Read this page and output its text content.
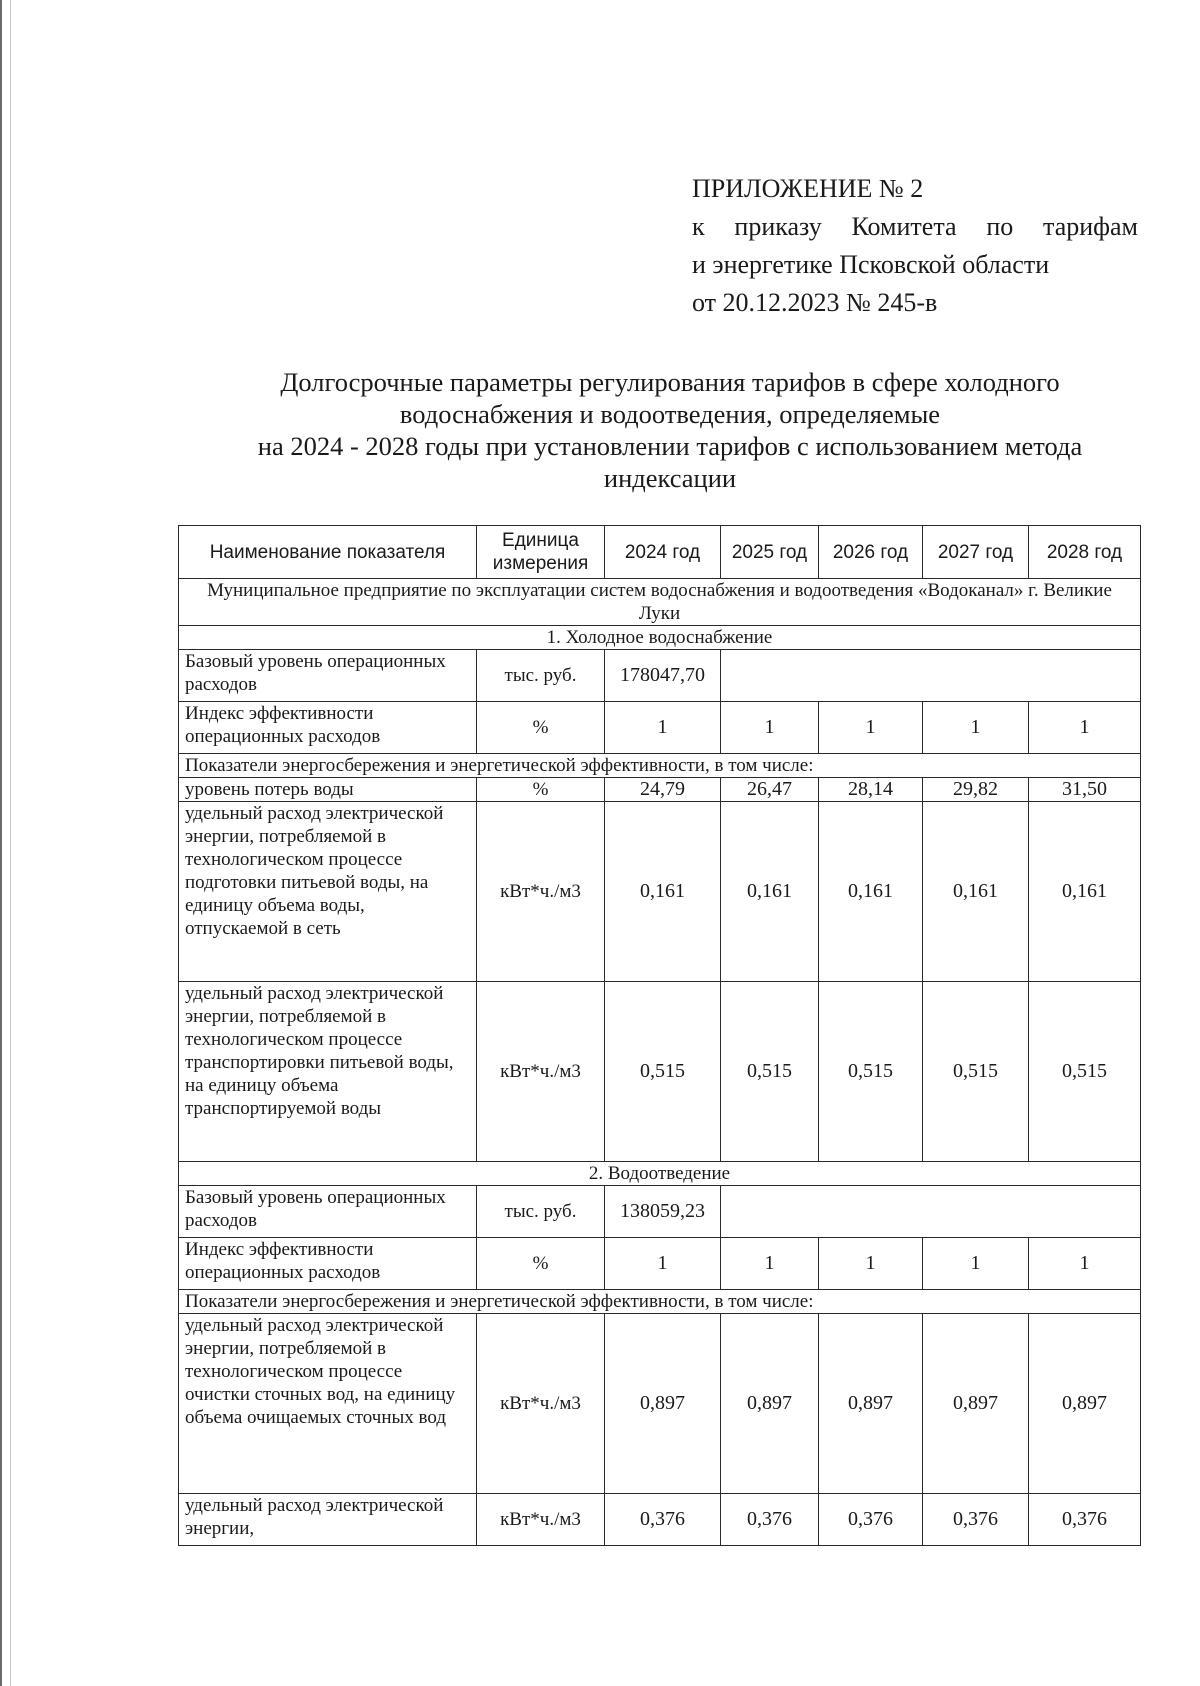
ПРИЛОЖЕНИЕ № 2
к приказу Комитета по тарифам
и энергетике Псковской области
от 20.12.2023 № 245-в
Долгосрочные параметры регулирования тарифов в сфере холодного
водоснабжения и водоотведения, определяемые
на 2024 - 2028 годы при установлении тарифов с использованием метода
индексации
Наименование показателя	Единица измерения	2024 год	2025 год	2026 год	2027 год	2028 год
Муниципальное предприятие по эксплуатации систем водоснабжения и водоотведения «Водоканал» г. Великие Луки						
1. Холодное водоснабжение						
Базовый уровень операционных расходов	тыс. руб.	178047,70				
Индекс эффективности операционных расходов	%	1	1	1	1	1
Показатели энергосбережения и энергетической эффективности, в том числе:						
уровень потерь воды	%	24,79	26,47	28,14	29,82	31,50
удельный расход электрической энергии, потребляемой в технологическом процессе подготовки питьевой воды, на единицу объема воды, отпускаемой в сеть	кВт*ч./м3	0,161	0,161	0,161	0,161	0,161
удельный расход электрической энергии, потребляемой в технологическом процессе транспортировки питьевой воды, на единицу объема транспортируемой воды	кВт*ч./м3	0,515	0,515	0,515	0,515	0,515
2. Водоотведение						
Базовый уровень операционных расходов	тыс. руб.	138059,23				
Индекс эффективности операционных расходов	%	1	1	1	1	1
Показатели энергосбережения и энергетической эффективности, в том числе:						
удельный расход электрической энергии, потребляемой в технологическом процессе очистки сточных вод, на единицу объема очищаемых сточных вод	кВт*ч./м3	0,897	0,897	0,897	0,897	0,897
удельный расход электрической энергии,	кВт*ч./м3	0,376	0,376	0,376	0,376	0,376
